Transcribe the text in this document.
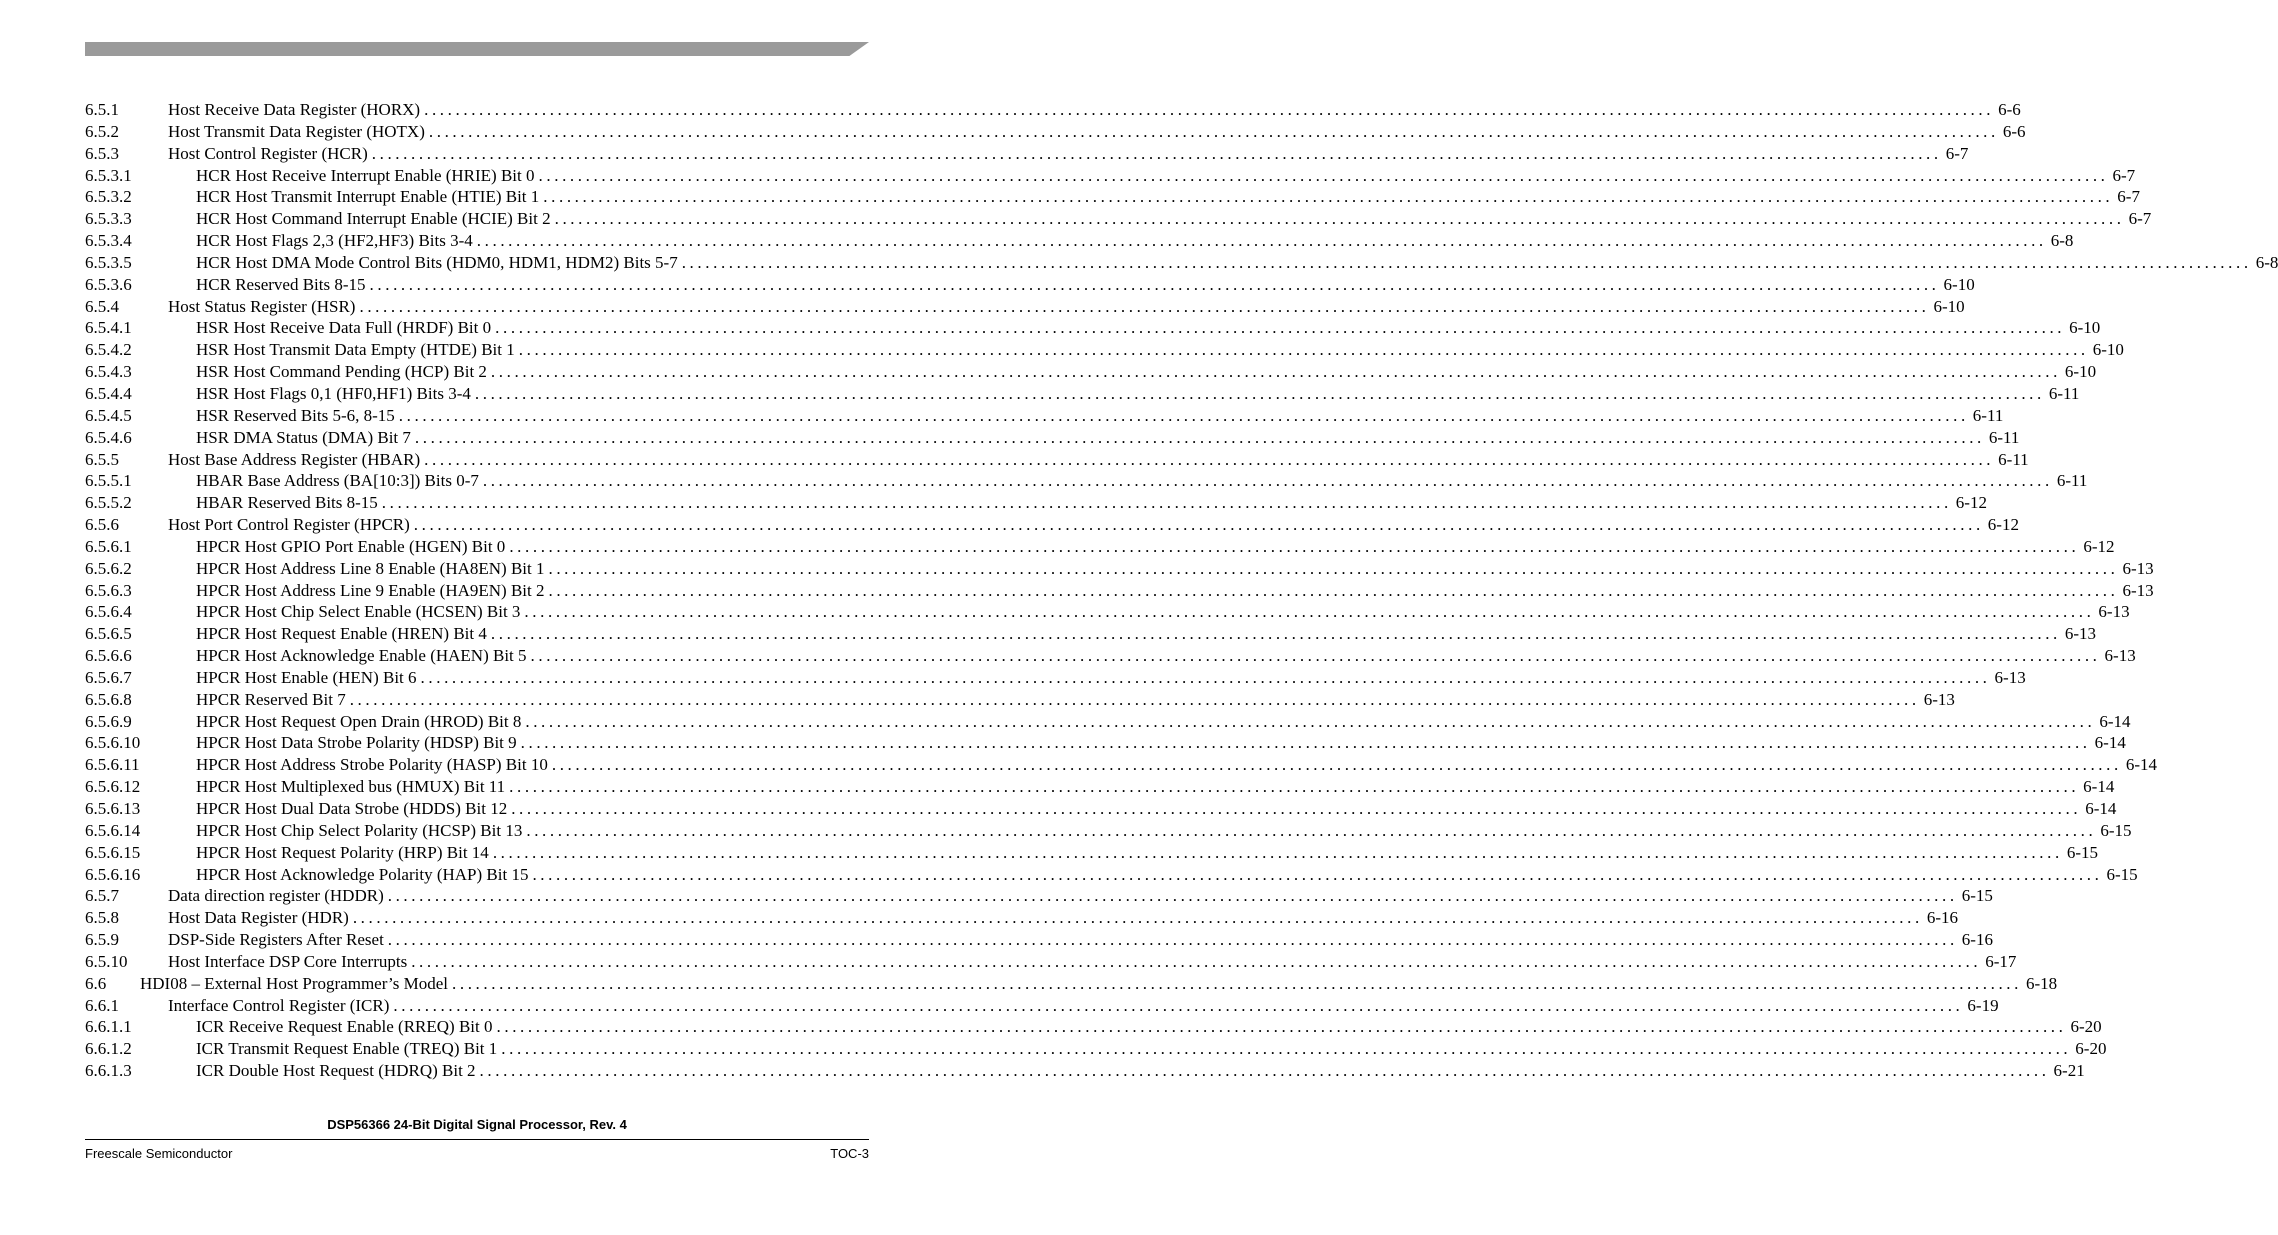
6.5.1	Host Receive Data Register (HORX) ........................................................................................................................................................................................................ 6-6
6.5.2	Host Transmit Data Register (HOTX) ........................................................................................................................................................................................................ 6-6
6.5.3	Host Control Register (HCR) ........................................................................................................................................................................................................ 6-7
6.5.3.1	HCR Host Receive Interrupt Enable (HRIE) Bit 0 ........................................................................................................................................................................................................ 6-7
6.5.3.2	HCR Host Transmit Interrupt Enable (HTIE) Bit 1 ........................................................................................................................................................................................................ 6-7
6.5.3.3	HCR Host Command Interrupt Enable (HCIE) Bit 2 ........................................................................................................................................................................................................ 6-7
6.5.3.4	HCR Host Flags 2,3 (HF2,HF3) Bits 3-4 ........................................................................................................................................................................................................ 6-8
6.5.3.5	HCR Host DMA Mode Control Bits (HDM0, HDM1, HDM2) Bits 5-7 ........................................................................................................................................................................................................ 6-8
6.5.3.6	HCR Reserved Bits 8-15 ........................................................................................................................................................................................................ 6-10
6.5.4	Host Status Register (HSR) ........................................................................................................................................................................................................ 6-10
6.5.4.1	HSR Host Receive Data Full (HRDF) Bit 0 ........................................................................................................................................................................................................ 6-10
6.5.4.2	HSR Host Transmit Data Empty (HTDE) Bit 1 ........................................................................................................................................................................................................ 6-10
6.5.4.3	HSR Host Command Pending (HCP) Bit 2 ........................................................................................................................................................................................................ 6-10
6.5.4.4	HSR Host Flags 0,1 (HF0,HF1) Bits 3-4 ........................................................................................................................................................................................................ 6-11
6.5.4.5	HSR Reserved Bits 5-6, 8-15 ........................................................................................................................................................................................................ 6-11
6.5.4.6	HSR DMA Status (DMA) Bit 7 ........................................................................................................................................................................................................ 6-11
6.5.5	Host Base Address Register (HBAR) ........................................................................................................................................................................................................ 6-11
6.5.5.1	HBAR Base Address (BA[10:3]) Bits 0-7 ........................................................................................................................................................................................................ 6-11
6.5.5.2	HBAR Reserved Bits 8-15 ........................................................................................................................................................................................................ 6-12
6.5.6	Host Port Control Register (HPCR) ........................................................................................................................................................................................................ 6-12
6.5.6.1	HPCR Host GPIO Port Enable (HGEN) Bit 0 ........................................................................................................................................................................................................ 6-12
6.5.6.2	HPCR Host Address Line 8 Enable (HA8EN) Bit 1 ........................................................................................................................................................................................................ 6-13
6.5.6.3	HPCR Host Address Line 9 Enable (HA9EN) Bit 2 ........................................................................................................................................................................................................ 6-13
6.5.6.4	HPCR Host Chip Select Enable (HCSEN) Bit 3 ........................................................................................................................................................................................................ 6-13
6.5.6.5	HPCR Host Request Enable (HREN) Bit 4 ........................................................................................................................................................................................................ 6-13
6.5.6.6	HPCR Host Acknowledge Enable (HAEN) Bit 5 ........................................................................................................................................................................................................ 6-13
6.5.6.7	HPCR Host Enable (HEN) Bit 6 ........................................................................................................................................................................................................ 6-13
6.5.6.8	HPCR Reserved Bit 7 ........................................................................................................................................................................................................ 6-13
6.5.6.9	HPCR Host Request Open Drain (HROD) Bit 8 ........................................................................................................................................................................................................ 6-14
6.5.6.10	HPCR Host Data Strobe Polarity (HDSP) Bit 9 ........................................................................................................................................................................................................ 6-14
6.5.6.11	HPCR Host Address Strobe Polarity (HASP) Bit 10 ........................................................................................................................................................................................................ 6-14
6.5.6.12	HPCR Host Multiplexed bus (HMUX) Bit 11 ........................................................................................................................................................................................................ 6-14
6.5.6.13	HPCR Host Dual Data Strobe (HDDS) Bit 12 ........................................................................................................................................................................................................ 6-14
6.5.6.14	HPCR Host Chip Select Polarity (HCSP) Bit 13 ........................................................................................................................................................................................................ 6-15
6.5.6.15	HPCR Host Request Polarity (HRP) Bit 14 ........................................................................................................................................................................................................ 6-15
6.5.6.16	HPCR Host Acknowledge Polarity (HAP) Bit 15 ........................................................................................................................................................................................................ 6-15
6.5.7	Data direction register (HDDR) ........................................................................................................................................................................................................ 6-15
6.5.8	Host Data Register (HDR) ........................................................................................................................................................................................................ 6-16
6.5.9	DSP-Side Registers After Reset ........................................................................................................................................................................................................ 6-16
6.5.10 Host Interface DSP Core Interrupts ........................................................................................................................................................................................................ 6-17
6.6 HDI08 – External Host Programmer’s Model ........................................................................................................................................................................................................ 6-18
6.6.1	Interface Control Register (ICR) ........................................................................................................................................................................................................ 6-19
6.6.1.1	ICR Receive Request Enable (RREQ) Bit 0 ........................................................................................................................................................................................................ 6-20
6.6.1.2	ICR Transmit Request Enable (TREQ) Bit 1 ........................................................................................................................................................................................................ 6-20
6.6.1.3	ICR Double Host Request (HDRQ) Bit 2 ........................................................................................................................................................................................................ 6-21
DSP56366 24-Bit Digital Signal Processor, Rev. 4
Freescale Semiconductor	TOC-3
